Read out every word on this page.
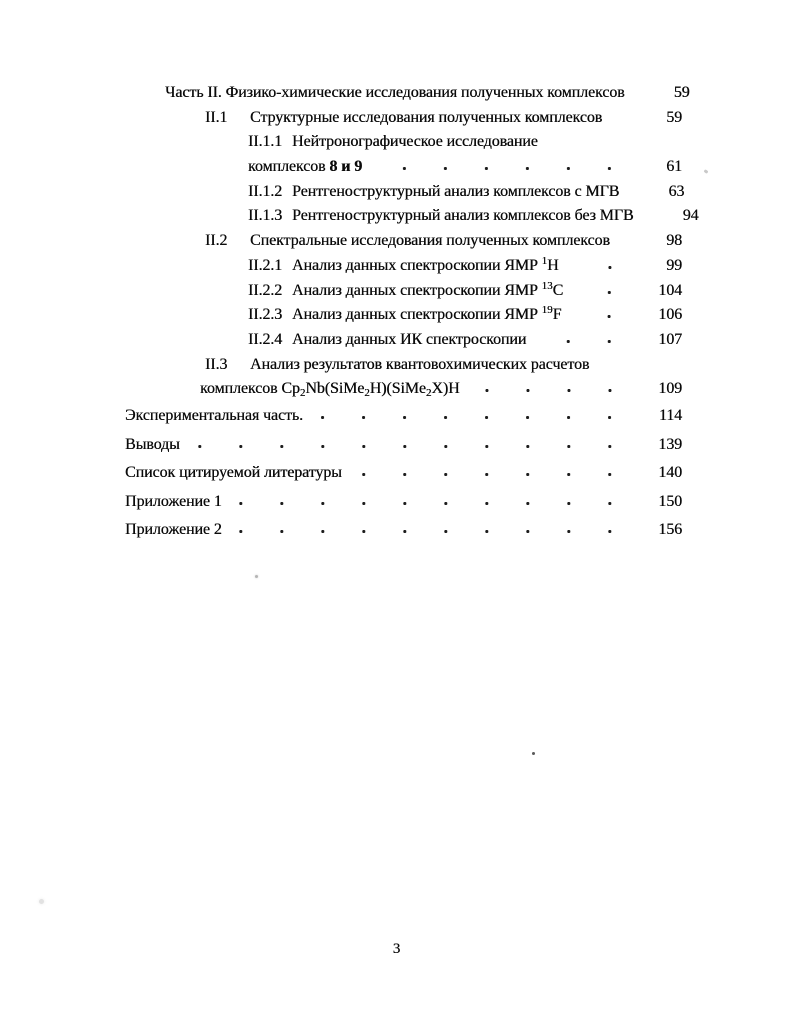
Часть II. Физико-химические исследования полученных комплексов	59
II.1	Структурные исследования полученных комплексов	59
II.1.1 Нейтронографическое исследование
комплексов 8 и 9	61
II.1.2 Рентгеноструктурный анализ комплексов с МГВ	63
II.1.3 Рентгеноструктурный анализ комплексов без МГВ	94
II.2	Спектральные исследования полученных комплексов	98
II.2.1 Анализ данных спектроскопии ЯМР $^1$H	99
II.2.2 Анализ данных спектроскопии ЯМР $^{13}$C	104
II.2.3 Анализ данных спектроскопии ЯМР $^{19}$F	106
II.2.4 Анализ данных ИК спектроскопии	107
II.3	Анализ результатов квантовохимических расчетов
комплексов Cp2Nb(SiMe2H)(SiMe2X)H	109
Экспериментальная часть.	114
Выводы	139
Список цитируемой литературы	140
Приложение 1	150
Приложение 2	156
3
